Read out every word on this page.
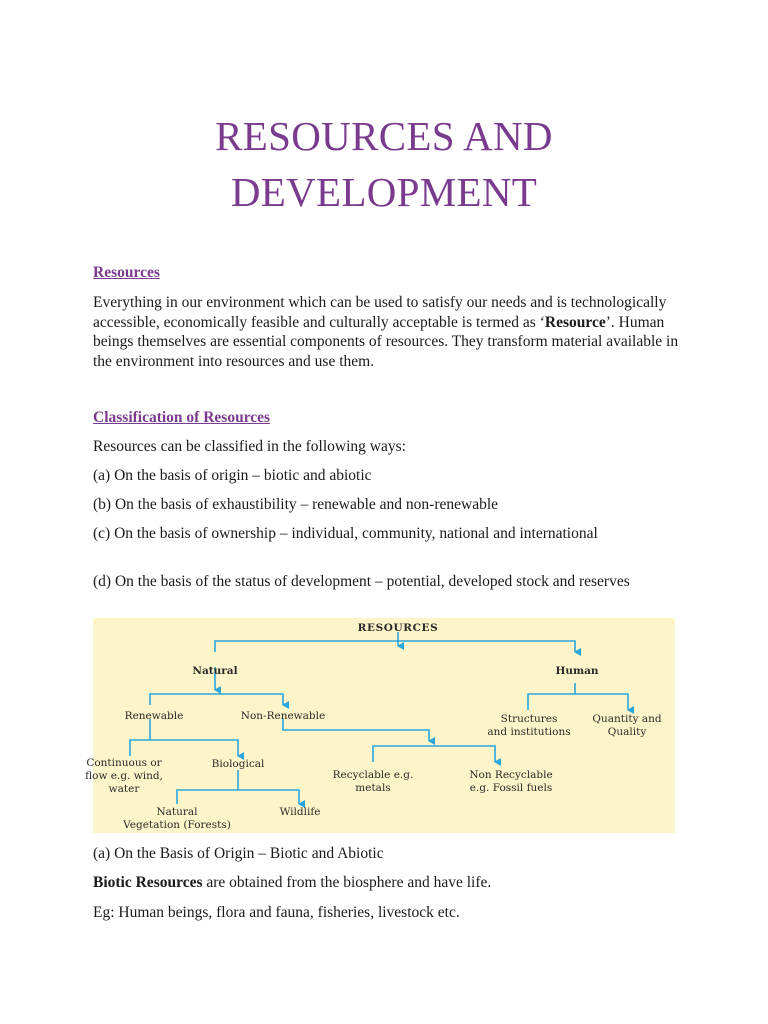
RESOURCES AND
DEVELOPMENT
Resources
Everything in our environment which can be used to satisfy our needs and is technologically accessible, economically feasible and culturally acceptable is termed as ‘Resource’. Human beings themselves are essential components of resources. They transform material available in the environment into resources and use them.
Classification of Resources
Resources can be classified in the following ways:
(a) On the basis of origin – biotic and abiotic
(b) On the basis of exhaustibility – renewable and non-renewable
(c) On the basis of ownership – individual, community, national and international
(d) On the basis of the status of development – potential, developed stock and reserves
RESOURCES
Natural	Human
Renewable	Non-Renewable	Structures
and institutions
Quantity and
Quality
Continuous or
flow e.g. wind,
water
Biological
Recyclable e.g.
metals
Non Recyclable
e.g. Fossil fuels
Natural
Vegetation (Forests)
Wildlife
(a) On the Basis of Origin – Biotic and Abiotic
Biotic Resources are obtained from the biosphere and have life.
Eg: Human beings, flora and fauna, fisheries, livestock etc.
